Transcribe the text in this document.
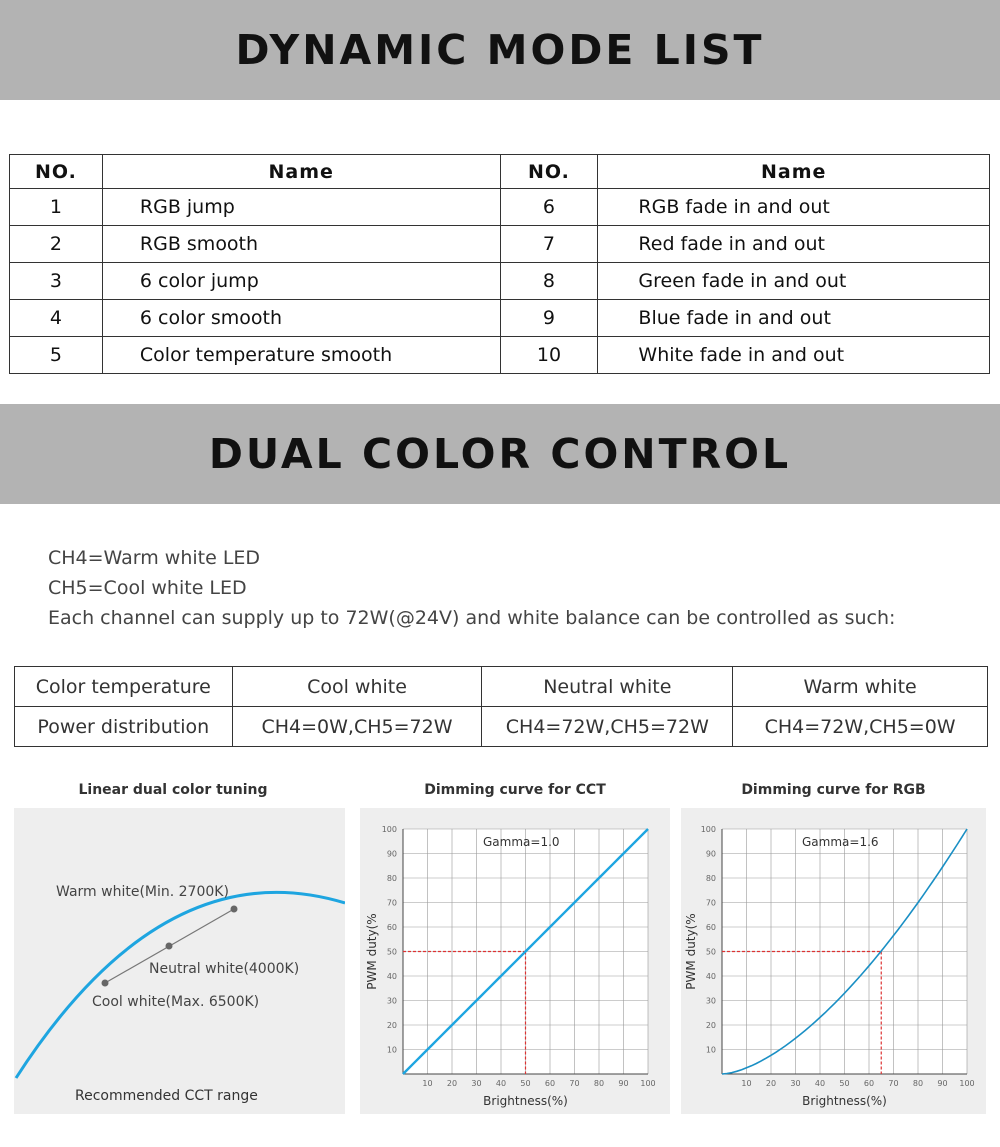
DYNAMIC MODE LIST
NO.	Name	NO.	Name
1	RGB jump	6	RGB fade in and out
2	RGB smooth	7	Red fade in and out
3	6 color jump	8	Green fade in and out
4	6 color smooth	9	Blue fade in and out
5	Color temperature smooth	10	White fade in and out
DUAL COLOR CONTROL
CH4=Warm white LED
CH5=Cool white LED
Each channel can supply up to 72W(@24V) and white balance can be controlled as such:
Color temperature	Cool white	Neutral white	Warm white
Power distribution	CH4=0W,CH5=72W	CH4=72W,CH5=72W	CH4=72W,CH5=0W
Linear dual color tuning
Warm white(Min. 2700K)
Neutral white(4000K)
Cool white(Max. 6500K)
Recommended CCT range
Dimming curve for CCT
10 20 30 40 50 60 70 80 90 100
10
20
30
40
50
60
70
80
90
100
Gamma=1.0
Brightness(%)
PWM duty(%
Dimming curve for RGB
10 20 30 40 50 60 70 80 90 100
10
20
30
40
50
60
70
80
90
100
Gamma=1.6
Brightness(%)
PWM duty(%
